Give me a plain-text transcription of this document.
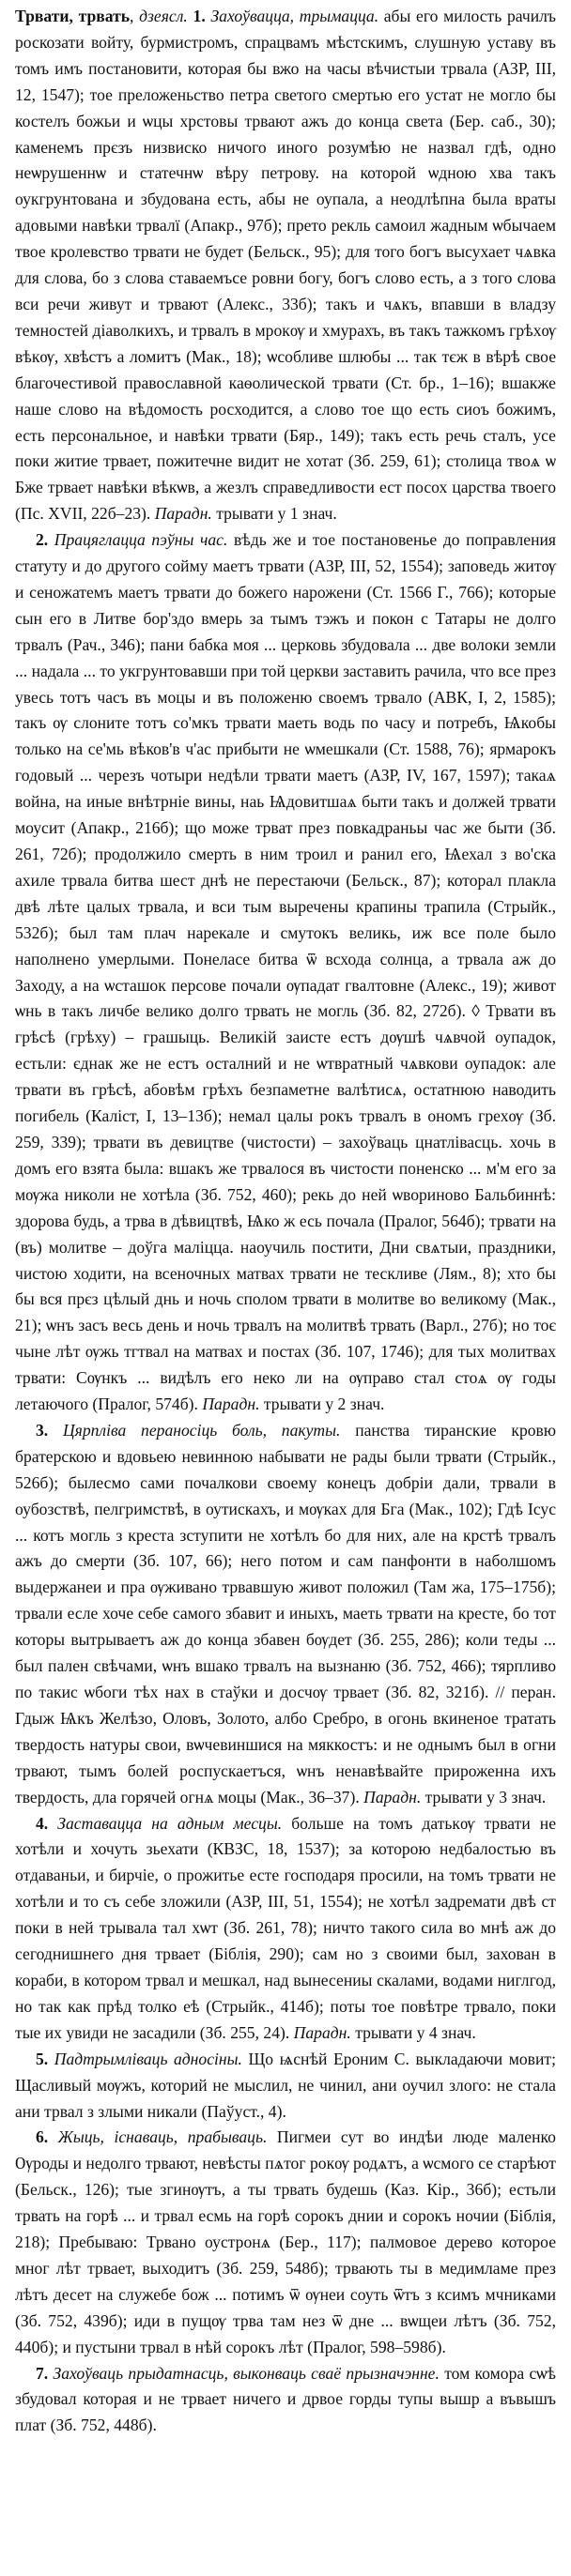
Трвати, трвать, дзеясл. 1. Захоўваццa, трымаццa. абы его милость рачилъ роскозати войту, бурмистромъ, спрацвамъ мѣстскимъ, слушную уставу въ томъ имъ постановити, которая бы вжо на часы вѣчистыи трвала (АЗР, III, 12, 1547); тое преложеньство петра светого смертью его устат не могло бы костелъ божьи и ѡцы хрстовы трвают ажъ до конца света (Бер. саб., 30); каменемъ прєзъ низвиско ничого иного розумѣю не назвал гдѣ, одно неѡрушеннѡ и статечнѡ вѣру петрову. на которой ѡдною хва такъ оукгрунтована и збудована есть, абы не оупала, а неодлѣпна была враты адовыми навѣки трвалї (Апакр., 97б); прето рекль самоил жадным ѡбычаем твое кролевство трвати не будет (Бельск., 95); для того богъ высухает чѧвка для слова, бо з слова ставаемъсе ровни богу, богъ слово есть, а з того слова вси речи живут и трвают (Алекс., 33б); такъ и чѧкъ, впавши в владзу темностей діаволкихъ, и трвалъ в мрокѹ и хмурахъ, въ такъ тажкомъ грѣхѹ вѣкѹ, хвѣстъ а ломитъ (Мак., 18); ѡсобливе шлюбы ... так тєж в вѣрѣ свое благочестивой православной каѳолической трвати (Ст. бр., 1–16); вшакже наше слово на вѣдомость росходится, а слово тое що есть сиоъ божимъ, есть персональное, и навѣки трвати (Бяр., 149); такъ есть речь сталъ, усе поки житие трвает, пожитечне видит не хотат (Зб. 259, 61); столица твоѧ ѡ Бже трвает навѣки вѣкѡв, а жезлъ справедливости ест посох царства твоего (Пс. XVII, 22б–23). Парадн. трывати у 1 знач.

2. Працяглаццa пэўны час. вѣдь же и тое постановенье до поправления статуту и до другого сойму маетъ трвати (АЗР, III, 52, 1554); заповедь житѹ и сеножатемъ маетъ трвати до божего нарожени (Ст. 1566 Г., 766); которые сын его в Литве бор'здо вмерь за тымъ тэжъ и покон с Татары не долго трвалъ (Рач., 346); пани бабка моя ... церковь збудовала ... две волоки земли ... надала ... то укгрунтовавши при той церкви заставить рачила, что все през увесь тотъ часъ въ моцы и въ положеню своемъ трвало (АВК, I, 2, 1585); такъ ѹ слоните тотъ со'мкъ трвати маеть водь по часу и потребъ, Ѩкобы только на се'мь вѣков'в ч'ас прибыти не ѡмешкали (Ст. 1588, 76); ярмарокъ годовый ... черезъ чотыри недѣли трвати маетъ (АЗР, IV, 167, 1597); такаѧ война, на иные внѣтрніе вины, наь Ѩдовитшаѧ быти такъ и должей трвати моусит (Апакр., 216б); що може трват през повкадраньы час же быти (Зб. 261, 72б); продолжило смерть в ним троил и ранил его, Ѩехал з во'ска ахиле трвала битва шест днѣ не перестаючи (Бельск., 87); которал плакла двѣ лѣте цалых трвала, и вси тым выречены крапины трапила (Стрыйк., 532б); был там плач нарекале и смутокъ великь, иж все поле было наполнено умерлыми. Понеласе битва ѿ всхода солнца, а трвала аж до Заходу, а на ѡсташок персове почали ѹпадат гвалтовне (Алекс., 19); живот ѡнь в такъ личбе велико долго трвать не могль (Зб. 82, 272б). ◊ Трвати въ грѣсѣ (грѣху) – грашыць. Великій заисте естъ дѹшѣ чѧвчой оупадок, естьли: єднак же не естъ осталний и не ѡтвратный чѧвкови оупадок: але трвати въ грѣсѣ, абовѣм грѣхъ безпаметне валѣтисѧ, остатнюю наводить погибель (Каліст, I, 13–13б); немал цалы рокъ трвалъ в ономъ грехѹ (Зб. 259, 339); трвати въ девицтве (чистости) – захоўваць цнатлівасць. хочь в домъ его взята была: вшакъ же трвалося въ чистости поненско ... м'м его за мѹжа николи не хотѣла (Зб. 752, 460); рекь до ней ѡвориново Бальбиннѣ: здорова будь, а трва в дѣвицтвѣ, Ѩко ж есь почала (Пралог, 564б); трвати на (въ) молитве – доўга маліцца. наоучиль постити, Дни свѧтыи, праздники, чистою ходити, на всеночных матвах трвати не тескливе (Лям., 8); хто бы бы вся прєз цѣлый днь и ночь сполом трвати в молитве во великому (Мак., 21); ѡнъ засъ весь день и ночь трвалъ на молитвѣ трвать (Варл., 27б); но тоє чыне лѣт ѹжь тгтвал на матвах и постах (Зб. 107, 1746); для тых молитвах трвати: Сѹнкъ ... видѣлъ его неко ли на ѹправо стал стоѧ ѹ годы летаючого (Пралог, 574б). Парадн. трывати у 2 знач.

3. Цярпліва пераносіць боль, пакуты. панства тиранские кровю братерскою и вдовьею невинною набывати не рады были трвати (Стрыйк., 526б); былесмо сами почалкови своему конецъ добріи дали, трвали в оубозствѣ, пелгримствѣ, в оутискахъ, и мѹках для Бга (Мак., 102); Гдѣ Ісус ... котъ могль з креста зступити не хотѣлъ бо для них, але на крстѣ трвалъ ажъ до смерти (Зб. 107, 66); него потом и сам панфонти в наболшомъ выдержанеи и пра ѹживано трвавшую живот положил (Там жа, 175–175б); трвали есле хоче себе самого збавит и иныхъ, маеть трвати на кресте, бо тот которы вытрываетъ аж до конца збавен бѹдет (Зб. 255, 286); коли теды ... был пален свѣчами, ѡнъ вшако трвалъ на вызнаню (Зб. 752, 466); тярпливо по такис ѡбоги тѣх нах в стаўки и досчѹ трвает (Зб. 82, 321б). // перан. Гдыж Ѩкъ Желѣзо, Оловъ, Золото, албо Сребро, в огонь вкиненое тратать твердость натуры свои, вѡчевиншися на мяккостъ: и не однымъ был в огни трвают, тымъ болей роспускаетъся, ѡнъ ненавѣвайте прироженна ихъ твердость, дла горячей огнѧ моцы (Мак., 36–37). Парадн. трывати у 3 знач.

4. Заставацца на адным месцы. больше на томъ датькѹ трвати не хотѣли и хочуть зьехати (КВЗС, 18, 1537); за которою недбалостью въ отдаваньи, и бирчіе, о прожитье есте господаря просили, на томъ трвати не хотѣли и то съ себе зложили (АЗР, III, 51, 1554); не хотѣл задремати двѣ ст поки в ней трывала тал хѡт (Зб. 261, 78); ничто такого сила во мнѣ аж до сегоднишнего дня трвает (Біблія, 290); сам но з своими был, захован в кораби, в котором трвал и мешкал, над вынесениы скалами, водами ниглгод, но так как прѣд толко еѣ (Стрыйк., 414б); поты тое повѣтре трвало, поки тые их увиди не засадили (Зб. 255, 24). Парадн. трывати у 4 знач.

5. Падтрымліваць адносіны. Що ѩснѣй Ероним С. выкладаючи мовит; Щасливый мѹжъ, которий не мыслил, не чинил, ани оучил злого: не стала ани трвал з злыми никали (Паўуст., 4).

6. Жыць, існаваць, прабываць. Пигмеи сут во индѣи люде маленко Ѹроды и недолго трвают, невѣсты пѧтог рокѹ родѧтъ, а ѡсмого се старѣют (Бельск., 126); тые згинѹтъ, а ты трвать будешь (Каз. Кір., 36б); естьли трвать на горѣ ... и трвал есмь на горѣ сорокъ днии и сорокъ ночии (Біблія, 218); Пребываю: Трвано оустронѧ (Бер., 117); палмовое дерево которое мног лѣт трвает, выходитъ (Зб. 259, 548б); трвають ты в медимламе през лѣтъ десет на служебе бож ... потимъ ѿ ѹнеи соуть ѿтъ з ксимъ мчниками (Зб. 752, 439б); иди в пущѹ трва там нез ѿ дне ... вѡщеи лѣтъ (Зб. 752, 440б); и пустыни трвал в нѣй сорокъ лѣт (Пралог, 598–598б).

7. Захоўваць прыдатнасць, выконваць сваё прызначэнне. том комора сѡѣ збудовал которая и не трвает ничего и дрвое горды тупы вышр а въвышъ плат (Зб. 752, 448б).
